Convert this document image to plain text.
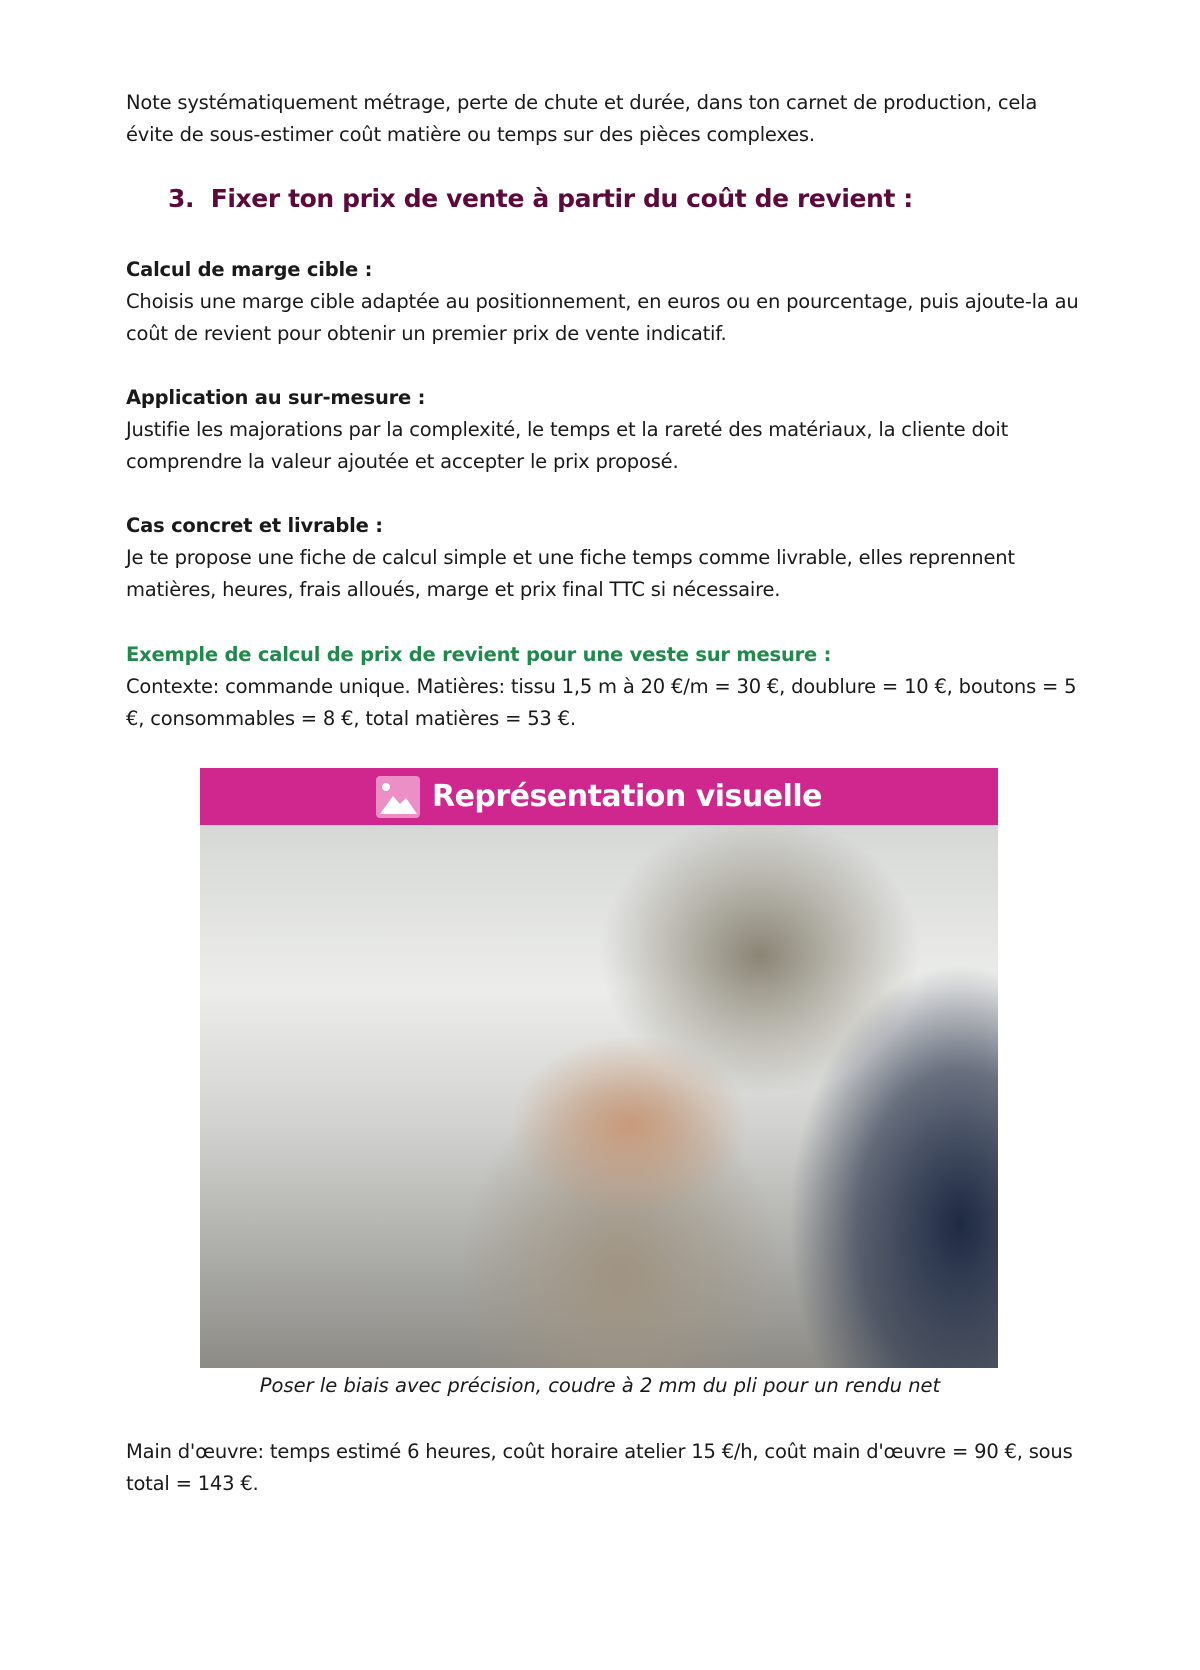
Note systématiquement métrage, perte de chute et durée, dans ton carnet de production, cela évite de sous-estimer coût matière ou temps sur des pièces complexes.
3. Fixer ton prix de vente à partir du coût de revient :
Calcul de marge cible :
Choisis une marge cible adaptée au positionnement, en euros ou en pourcentage, puis ajoute-la au coût de revient pour obtenir un premier prix de vente indicatif.
Application au sur-mesure :
Justifie les majorations par la complexité, le temps et la rareté des matériaux, la cliente doit comprendre la valeur ajoutée et accepter le prix proposé.
Cas concret et livrable :
Je te propose une fiche de calcul simple et une fiche temps comme livrable, elles reprennent matières, heures, frais alloués, marge et prix final TTC si nécessaire.
Exemple de calcul de prix de revient pour une veste sur mesure :
Contexte: commande unique. Matières: tissu 1,5 m à 20 €/m = 30 €, doublure = 10 €, boutons = 5 €, consommables = 8 €, total matières = 53 €.
Représentation visuelle
Poser le biais avec précision, coudre à 2 mm du pli pour un rendu net
Main d'œuvre: temps estimé 6 heures, coût horaire atelier 15 €/h, coût main d'œuvre = 90 €, sous total = 143 €.
